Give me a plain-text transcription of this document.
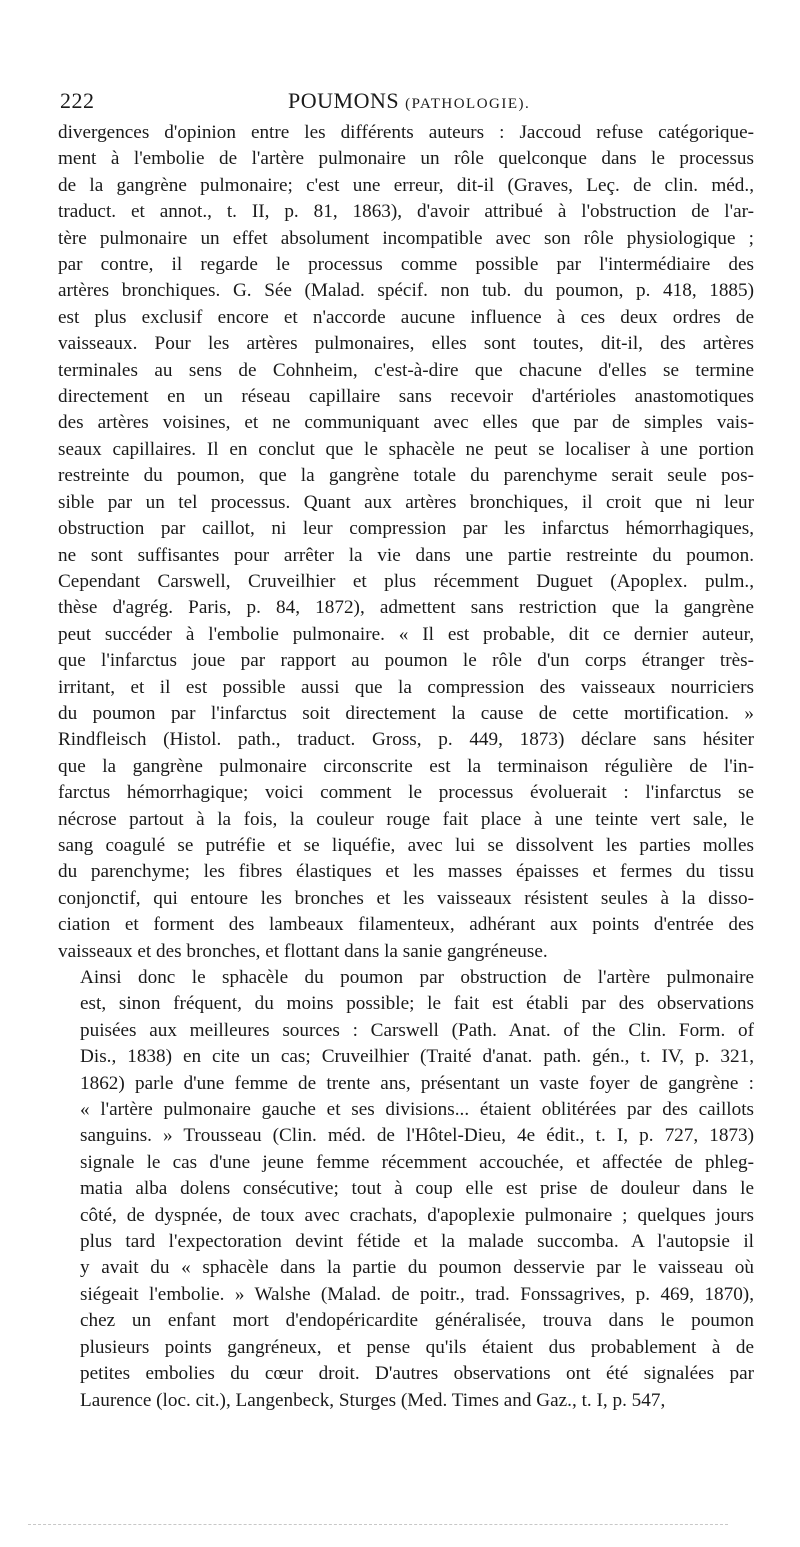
222	POUMONS (PATHOLOGIE).

divergences d'opinion entre les différents auteurs : Jaccoud refuse catégorique-
ment à l'embolie de l'artère pulmonaire un rôle quelconque dans le processus
de la gangrène pulmonaire; c'est une erreur, dit-il (Graves, Leç. de clin. méd.,
traduct. et annot., t. II, p. 81, 1863), d'avoir attribué à l'obstruction de l'ar-
tère pulmonaire un effet absolument incompatible avec son rôle physiologique ;
par contre, il regarde le processus comme possible par l'intermédiaire des
artères bronchiques. G. Sée (Malad. spécif. non tub. du poumon, p. 418, 1885)
est plus exclusif encore et n'accorde aucune influence à ces deux ordres de
vaisseaux. Pour les artères pulmonaires, elles sont toutes, dit-il, des artères
terminales au sens de Cohnheim, c'est-à-dire que chacune d'elles se termine
directement en un réseau capillaire sans recevoir d'artérioles anastomotiques
des artères voisines, et ne communiquant avec elles que par de simples vais-
seaux capillaires. Il en conclut que le sphacèle ne peut se localiser à une portion
restreinte du poumon, que la gangrène totale du parenchyme serait seule pos-
sible par un tel processus. Quant aux artères bronchiques, il croit que ni leur
obstruction par caillot, ni leur compression par les infarctus hémorrhagiques,
ne sont suffisantes pour arrêter la vie dans une partie restreinte du poumon.
Cependant Carswell, Cruveilhier et plus récemment Duguet (Apoplex. pulm.,
thèse d'agrég. Paris, p. 84, 1872), admettent sans restriction que la gangrène
peut succéder à l'embolie pulmonaire. « Il est probable, dit ce dernier auteur,
que l'infarctus joue par rapport au poumon le rôle d'un corps étranger très-
irritant, et il est possible aussi que la compression des vaisseaux nourriciers
du poumon par l'infarctus soit directement la cause de cette mortification. »
Rindfleisch (Histol. path., traduct. Gross, p. 449, 1873) déclare sans hésiter
que la gangrène pulmonaire circonscrite est la terminaison régulière de l'in-
farctus hémorrhagique; voici comment le processus évoluerait : l'infarctus se
nécrose partout à la fois, la couleur rouge fait place à une teinte vert sale, le
sang coagulé se putréfie et se liquéfie, avec lui se dissolvent les parties molles
du parenchyme; les fibres élastiques et les masses épaisses et fermes du tissu
conjonctif, qui entoure les bronches et les vaisseaux résistent seules à la disso-
ciation et forment des lambeaux filamenteux, adhérant aux points d'entrée des
vaisseaux et des bronches, et flottant dans la sanie gangréneuse.

Ainsi donc le sphacèle du poumon par obstruction de l'artère pulmonaire
est, sinon fréquent, du moins possible; le fait est établi par des observations
puisées aux meilleures sources : Carswell (Path. Anat. of the Clin. Form. of
Dis., 1838) en cite un cas; Cruveilhier (Traité d'anat. path. gén., t. IV, p. 321,
1862) parle d'une femme de trente ans, présentant un vaste foyer de gangrène :
« l'artère pulmonaire gauche et ses divisions... étaient oblitérées par des caillots
sanguins. » Trousseau (Clin. méd. de l'Hôtel-Dieu, 4e édit., t. I, p. 727, 1873)
signale le cas d'une jeune femme récemment accouchée, et affectée de phleg-
matia alba dolens consécutive; tout à coup elle est prise de douleur dans le
côté, de dyspnée, de toux avec crachats, d'apoplexie pulmonaire ; quelques jours
plus tard l'expectoration devint fétide et la malade succomba. A l'autopsie il
y avait du « sphacèle dans la partie du poumon desservie par le vaisseau où
siégeait l'embolie. » Walshe (Malad. de poitr., trad. Fonssagrives, p. 469, 1870),
chez un enfant mort d'endopéricardite généralisée, trouva dans le poumon
plusieurs points gangréneux, et pense qu'ils étaient dus probablement à de
petites embolies du cœur droit. D'autres observations ont été signalées par
Laurence (loc. cit.), Langenbeck, Sturges (Med. Times and Gaz., t. I, p. 547,
